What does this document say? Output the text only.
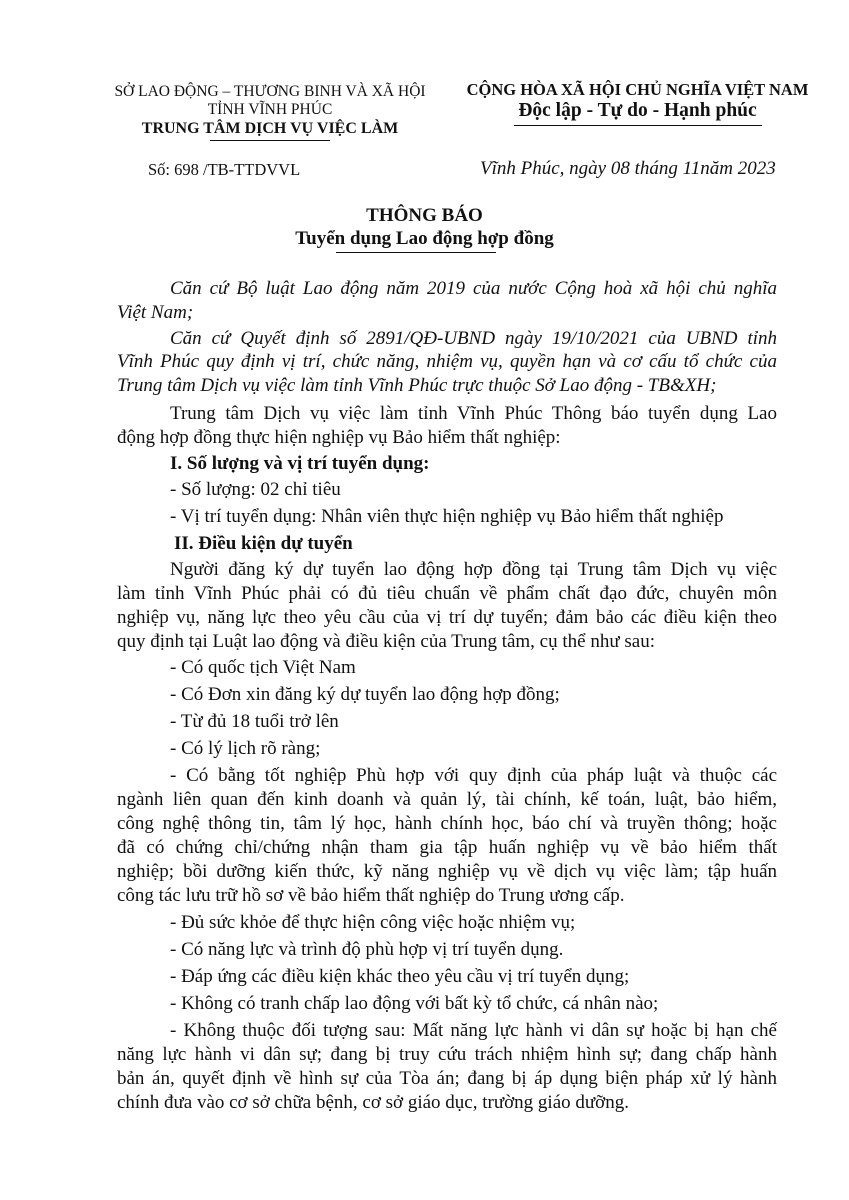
SỞ LAO ĐỘNG – THƯƠNG BINH VÀ XÃ HỘI
TỈNH VĨNH PHÚC
TRUNG TÂM DỊCH VỤ VIỆC LÀM
CỘNG HÒA XÃ HỘI CHỦ NGHĨA VIỆT NAM
Độc lập - Tự do - Hạnh phúc
Số: 698 /TB-TTDVVL	Vĩnh Phúc, ngày 08 tháng 11năm 2023
THÔNG BÁO
Tuyển dụng Lao động hợp đồng
Căn cứ Bộ luật Lao động năm 2019 của nước Cộng hoà xã hội chủ nghĩa
Việt Nam;
Căn cứ Quyết định số 2891/QĐ-UBND ngày 19/10/2021 của UBND tỉnh
Vĩnh Phúc quy định vị trí, chức năng, nhiệm vụ, quyền hạn và cơ cấu tổ chức của
Trung tâm Dịch vụ việc làm tỉnh Vĩnh Phúc trực thuộc Sở Lao động - TB&XH;
Trung tâm Dịch vụ việc làm tỉnh Vĩnh Phúc Thông báo tuyển dụng Lao
động hợp đồng thực hiện nghiệp vụ Bảo hiểm thất nghiệp:
I. Số lượng và vị trí tuyển dụng:
- Số lượng: 02 chỉ tiêu
- Vị trí tuyển dụng: Nhân viên thực hiện nghiệp vụ Bảo hiểm thất nghiệp
II. Điều kiện dự tuyển
Người đăng ký dự tuyển lao động hợp đồng tại Trung tâm Dịch vụ việc
làm tỉnh Vĩnh Phúc phải có đủ tiêu chuẩn về phẩm chất đạo đức, chuyên môn
nghiệp vụ, năng lực theo yêu cầu của vị trí dự tuyển; đảm bảo các điều kiện theo
quy định tại Luật lao động và điều kiện của Trung tâm, cụ thể như sau:
- Có quốc tịch Việt Nam
- Có Đơn xin đăng ký dự tuyển lao động hợp đồng;
- Từ đủ 18 tuổi trở lên
- Có lý lịch rõ ràng;
- Có bằng tốt nghiệp Phù hợp với quy định của pháp luật và thuộc các
ngành liên quan đến kinh doanh và quản lý, tài chính, kế toán, luật, bảo hiểm,
công nghệ thông tin, tâm lý học, hành chính học, báo chí và truyền thông; hoặc
đã có chứng chỉ/chứng nhận tham gia tập huấn nghiệp vụ về bảo hiểm thất
nghiệp; bồi dưỡng kiến thức, kỹ năng nghiệp vụ về dịch vụ việc làm; tập huấn
công tác lưu trữ hồ sơ về bảo hiểm thất nghiệp do Trung ương cấp.
- Đủ sức khỏe để thực hiện công việc hoặc nhiệm vụ;
- Có năng lực và trình độ phù hợp vị trí tuyển dụng.
- Đáp ứng các điều kiện khác theo yêu cầu vị trí tuyển dụng;
- Không có tranh chấp lao động với bất kỳ tổ chức, cá nhân nào;
- Không thuộc đối tượng sau: Mất năng lực hành vi dân sự hoặc bị hạn chế
năng lực hành vi dân sự; đang bị truy cứu trách nhiệm hình sự; đang chấp hành
bản án, quyết định về hình sự của Tòa án; đang bị áp dụng biện pháp xử lý hành
chính đưa vào cơ sở chữa bệnh, cơ sở giáo dục, trường giáo dưỡng.
